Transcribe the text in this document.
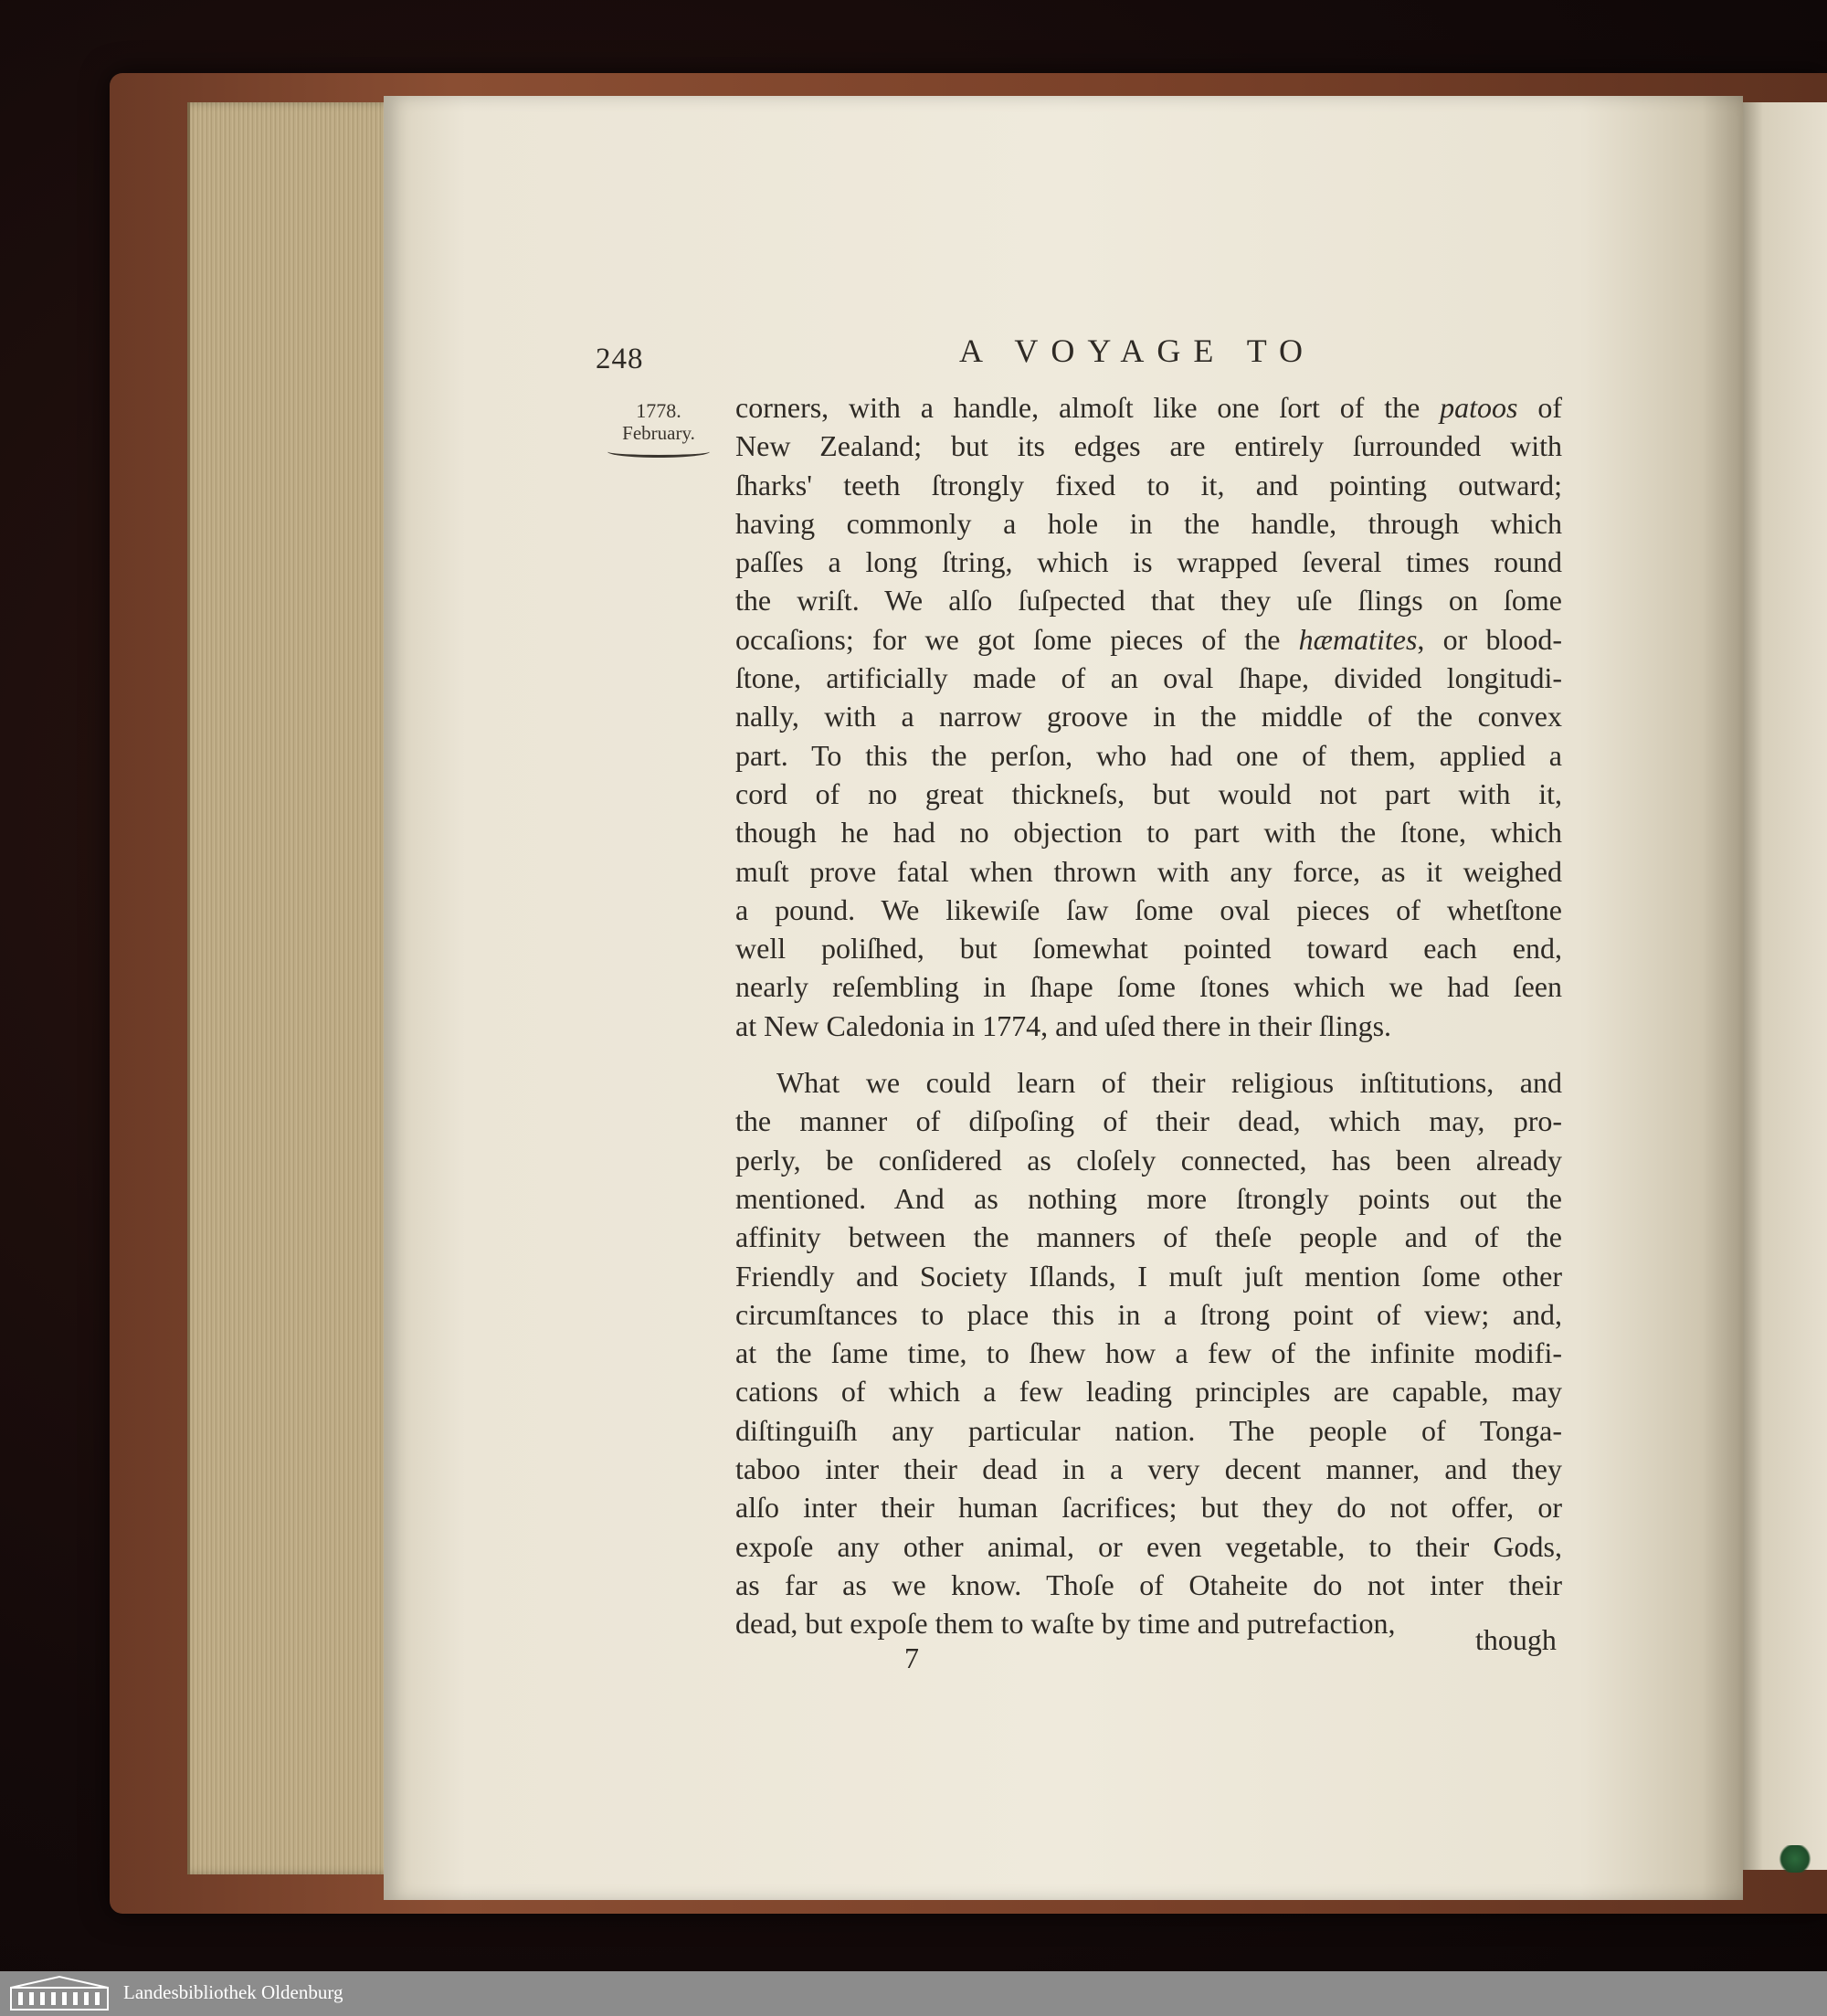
248	A VOYAGE TO
1778.
February.
corners, with a handle, almoſt like one ſort of the patoos of
New Zealand; but its edges are entirely ſurrounded with
ſharks' teeth ſtrongly fixed to it, and pointing outward;
having commonly a hole in the handle, through which
paſſes a long ſtring, which is wrapped ſeveral times round
the wriſt. We alſo ſuſpected that they uſe ſlings on ſome
occaſions; for we got ſome pieces of the hæmatites, or blood-
ſtone, artificially made of an oval ſhape, divided longitudi-
nally, with a narrow groove in the middle of the convex
part. To this the perſon, who had one of them, applied a
cord of no great thickneſs, but would not part with it,
though he had no objection to part with the ſtone, which
muſt prove fatal when thrown with any force, as it weighed
a pound. We likewiſe ſaw ſome oval pieces of whetſtone
well poliſhed, but ſomewhat pointed toward each end,
nearly reſembling in ſhape ſome ſtones which we had ſeen
at New Caledonia in 1774, and uſed there in their ſlings.
What we could learn of their religious inſtitutions, and
the manner of diſpoſing of their dead, which may, pro-
perly, be conſidered as cloſely connected, has been already
mentioned. And as nothing more ſtrongly points out the
affinity between the manners of theſe people and of the
Friendly and Society Iſlands, I muſt juſt mention ſome other
circumſtances to place this in a ſtrong point of view; and,
at the ſame time, to ſhew how a few of the infinite modifi-
cations of which a few leading principles are capable, may
diſtinguiſh any particular nation. The people of Tonga-
taboo inter their dead in a very decent manner, and they
alſo inter their human ſacrifices; but they do not offer, or
expoſe any other animal, or even vegetable, to their Gods,
as far as we know. Thoſe of Otaheite do not inter their
dead, but expoſe them to waſte by time and putrefaction,
7
though
Landesbibliothek Oldenburg
